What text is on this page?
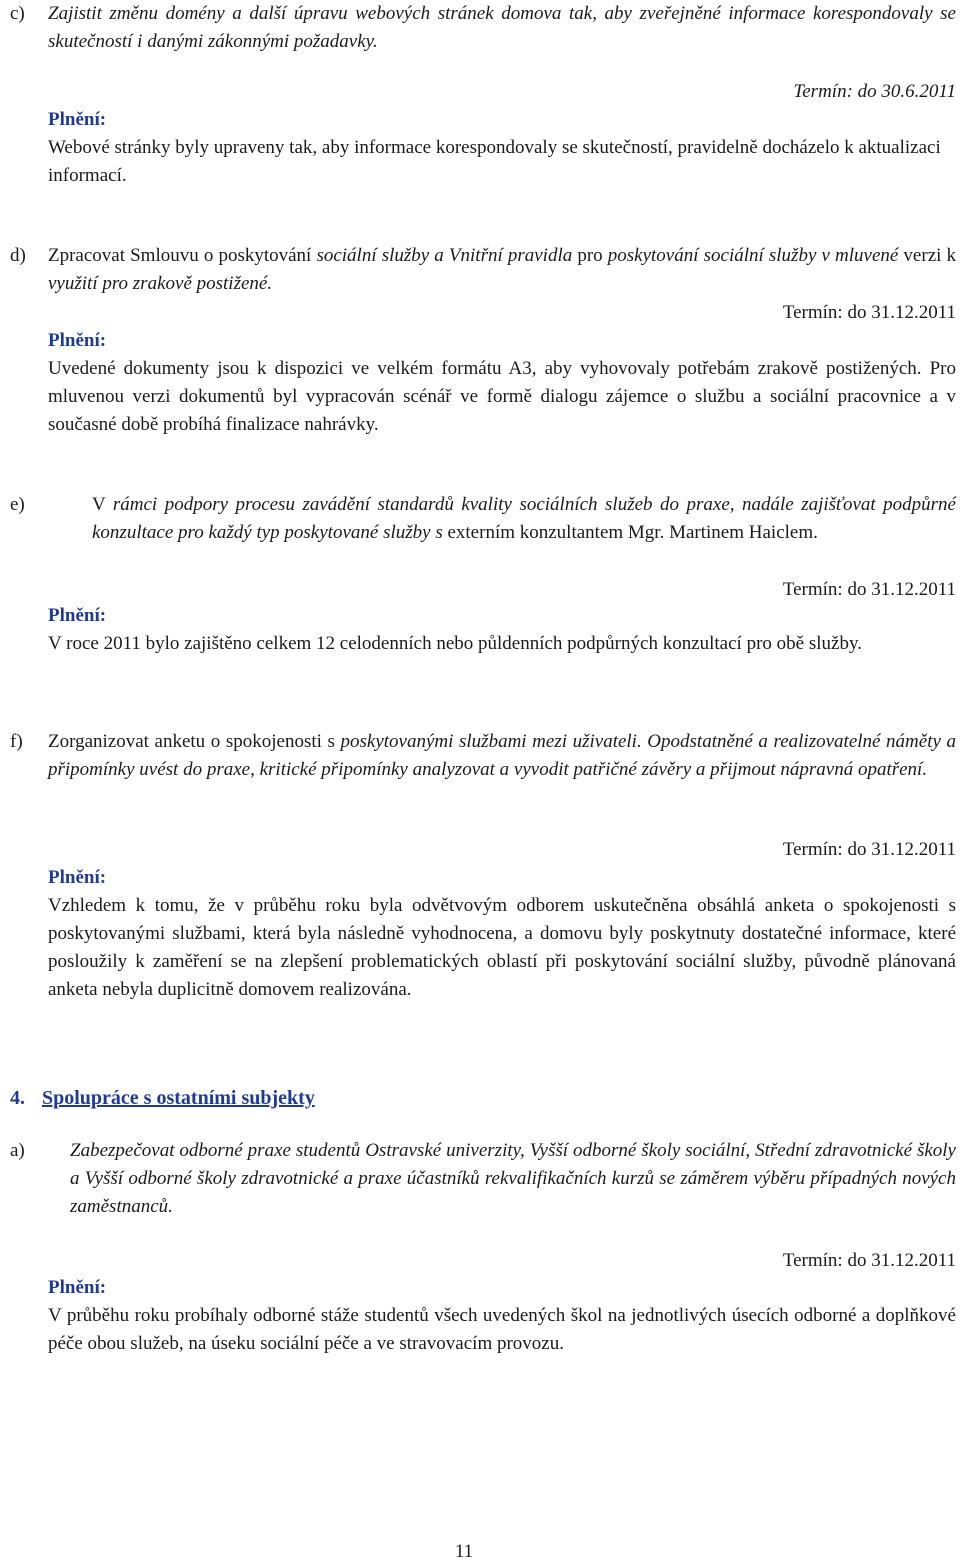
c) Zajistit změnu domény a další úpravu webových stránek domova tak, aby zveřejněné informace korespondovaly se skutečností i danými zákonnými požadavky.
Termín: do 30.6.2011
Plnění:
Webové stránky byly upraveny tak, aby informace korespondovaly se skutečností, pravidelně docházelo k aktualizaci informací.
d) Zpracovat Smlouvu o poskytování sociální služby a Vnitřní pravidla pro poskytování sociální služby v mluvené verzi k využití pro zrakově postižené.
Termín: do 31.12.2011
Plnění:
Uvedené dokumenty jsou k dispozici ve velkém formátu A3, aby vyhovovaly potřebám zrakově postižených. Pro mluvenou verzi dokumentů byl vypracován scénář ve formě dialogu zájemce o službu a sociální pracovnice a v současné době probíhá finalizace nahrávky.
e)	V rámci podpory procesu zavádění standardů kvality sociálních služeb do praxe, nadále zajišťovat podpůrné konzultace pro každý typ poskytované služby s externím konzultantem Mgr. Martinem Haiclem.
Termín: do 31.12.2011
Plnění:
V roce 2011 bylo zajištěno celkem 12 celodenních nebo půldenních podpůrných konzultací pro obě služby.
f) Zorganizovat anketu o spokojenosti s poskytovanými službami mezi uživateli. Opodstatněné a realizovatelné náměty a připomínky uvést do praxe, kritické připomínky analyzovat a vyvodit patřičné závěry a přijmout nápravná opatření.
Termín: do 31.12.2011
Plnění:
Vzhledem k tomu, že v průběhu roku byla odvětvovým odborem uskutečněna obsáhlá anketa o spokojenosti s poskytovanými službami, která byla následně vyhodnocena, a domovu byly poskytnuty dostatečné informace, které posloužily k zaměření se na zlepšení problematických oblastí při poskytování sociální služby, původně plánovaná anketa nebyla duplicitně domovem realizována.
4. Spolupráce s ostatními subjekty
a) Zabezpečovat odborné praxe studentů Ostravské univerzity, Vyšší odborné školy sociální, Střední zdravotnické školy a Vyšší odborné školy zdravotnické a praxe účastníků rekvalifikačních kurzů se záměrem výběru případných nových zaměstnanců.
Termín: do 31.12.2011
Plnění:
V průběhu roku probíhaly odborné stáže studentů všech uvedených škol na jednotlivých úsecích odborné a doplňkové péče obou služeb, na úseku sociální péče a ve stravovacím provozu.
11
